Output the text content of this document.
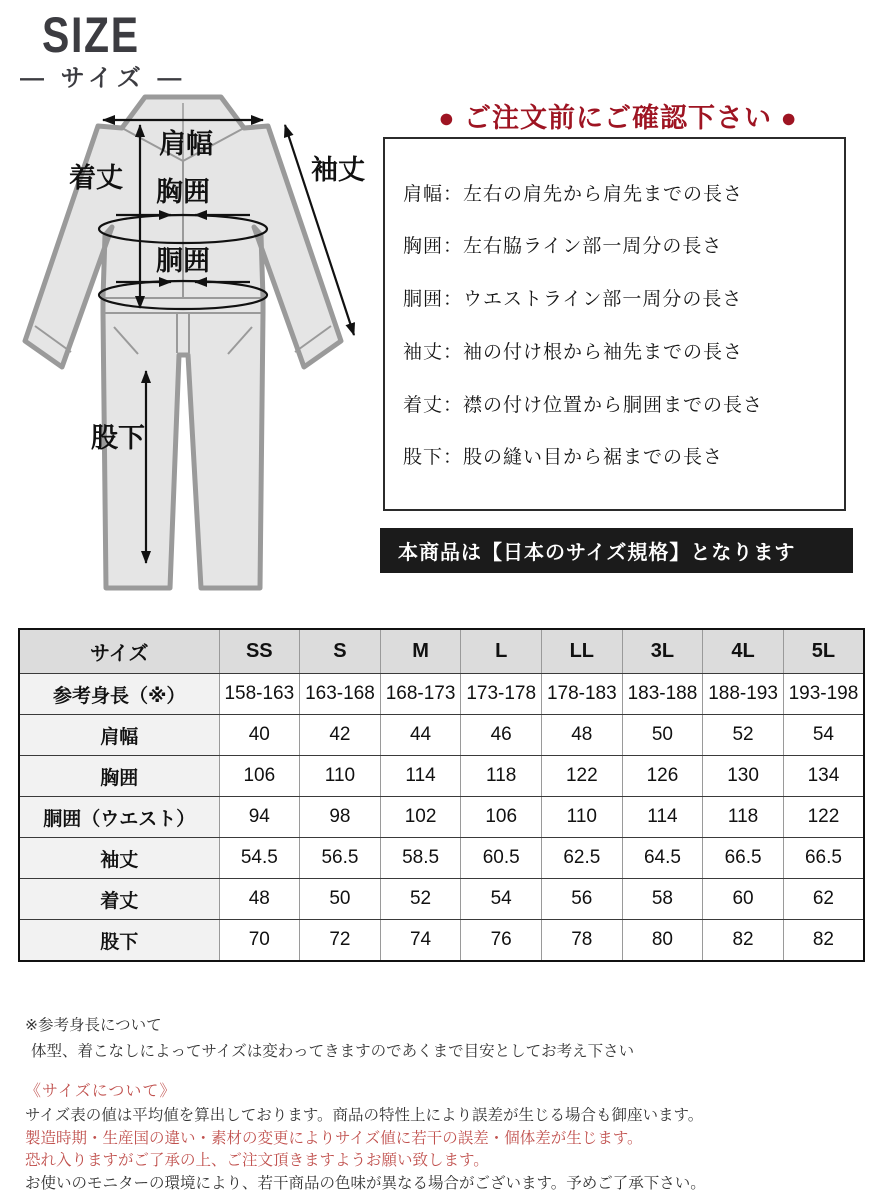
SIZE
― サイズ ―
肩幅
着丈	袖丈
胸囲
胴囲
股下
● ご注文前にご確認下さい ●
肩幅：左右の肩先から肩先までの長さ
胸囲：左右脇ライン部一周分の長さ
胴囲：ウエストライン部一周分の長さ
袖丈：袖の付け根から袖先までの長さ
着丈：襟の付け位置から胴囲までの長さ
股下：股の縫い目から裾までの長さ
本商品は【日本のサイズ規格】となります
サイズ	SS	S	M	L	LL	3L	4L	5L
参考身長（※）	158-163	163-168	168-173	173-178	178-183	183-188	188-193	193-198
肩幅	40	42	44	46	48	50	52	54
胸囲	106	110	114	118	122	126	130	134
胴囲（ウエスト）	94	98	102	106	110	114	118	122
袖丈	54.5	56.5	58.5	60.5	62.5	64.5	66.5	66.5
着丈	48	50	52	54	56	58	60	62
股下	70	72	74	76	78	80	82	82
※参考身長について
体型、着こなしによってサイズは変わってきますのであくまで目安としてお考え下さい
《サイズについて》
サイズ表の値は平均値を算出しております。商品の特性上により誤差が生じる場合も御座います。
製造時期・生産国の違い・素材の変更によりサイズ値に若干の誤差・個体差が生じます。
恐れ入りますがご了承の上、ご注文頂きますようお願い致します。
お使いのモニターの環境により、若干商品の色味が異なる場合がございます。予めご了承下さい。
